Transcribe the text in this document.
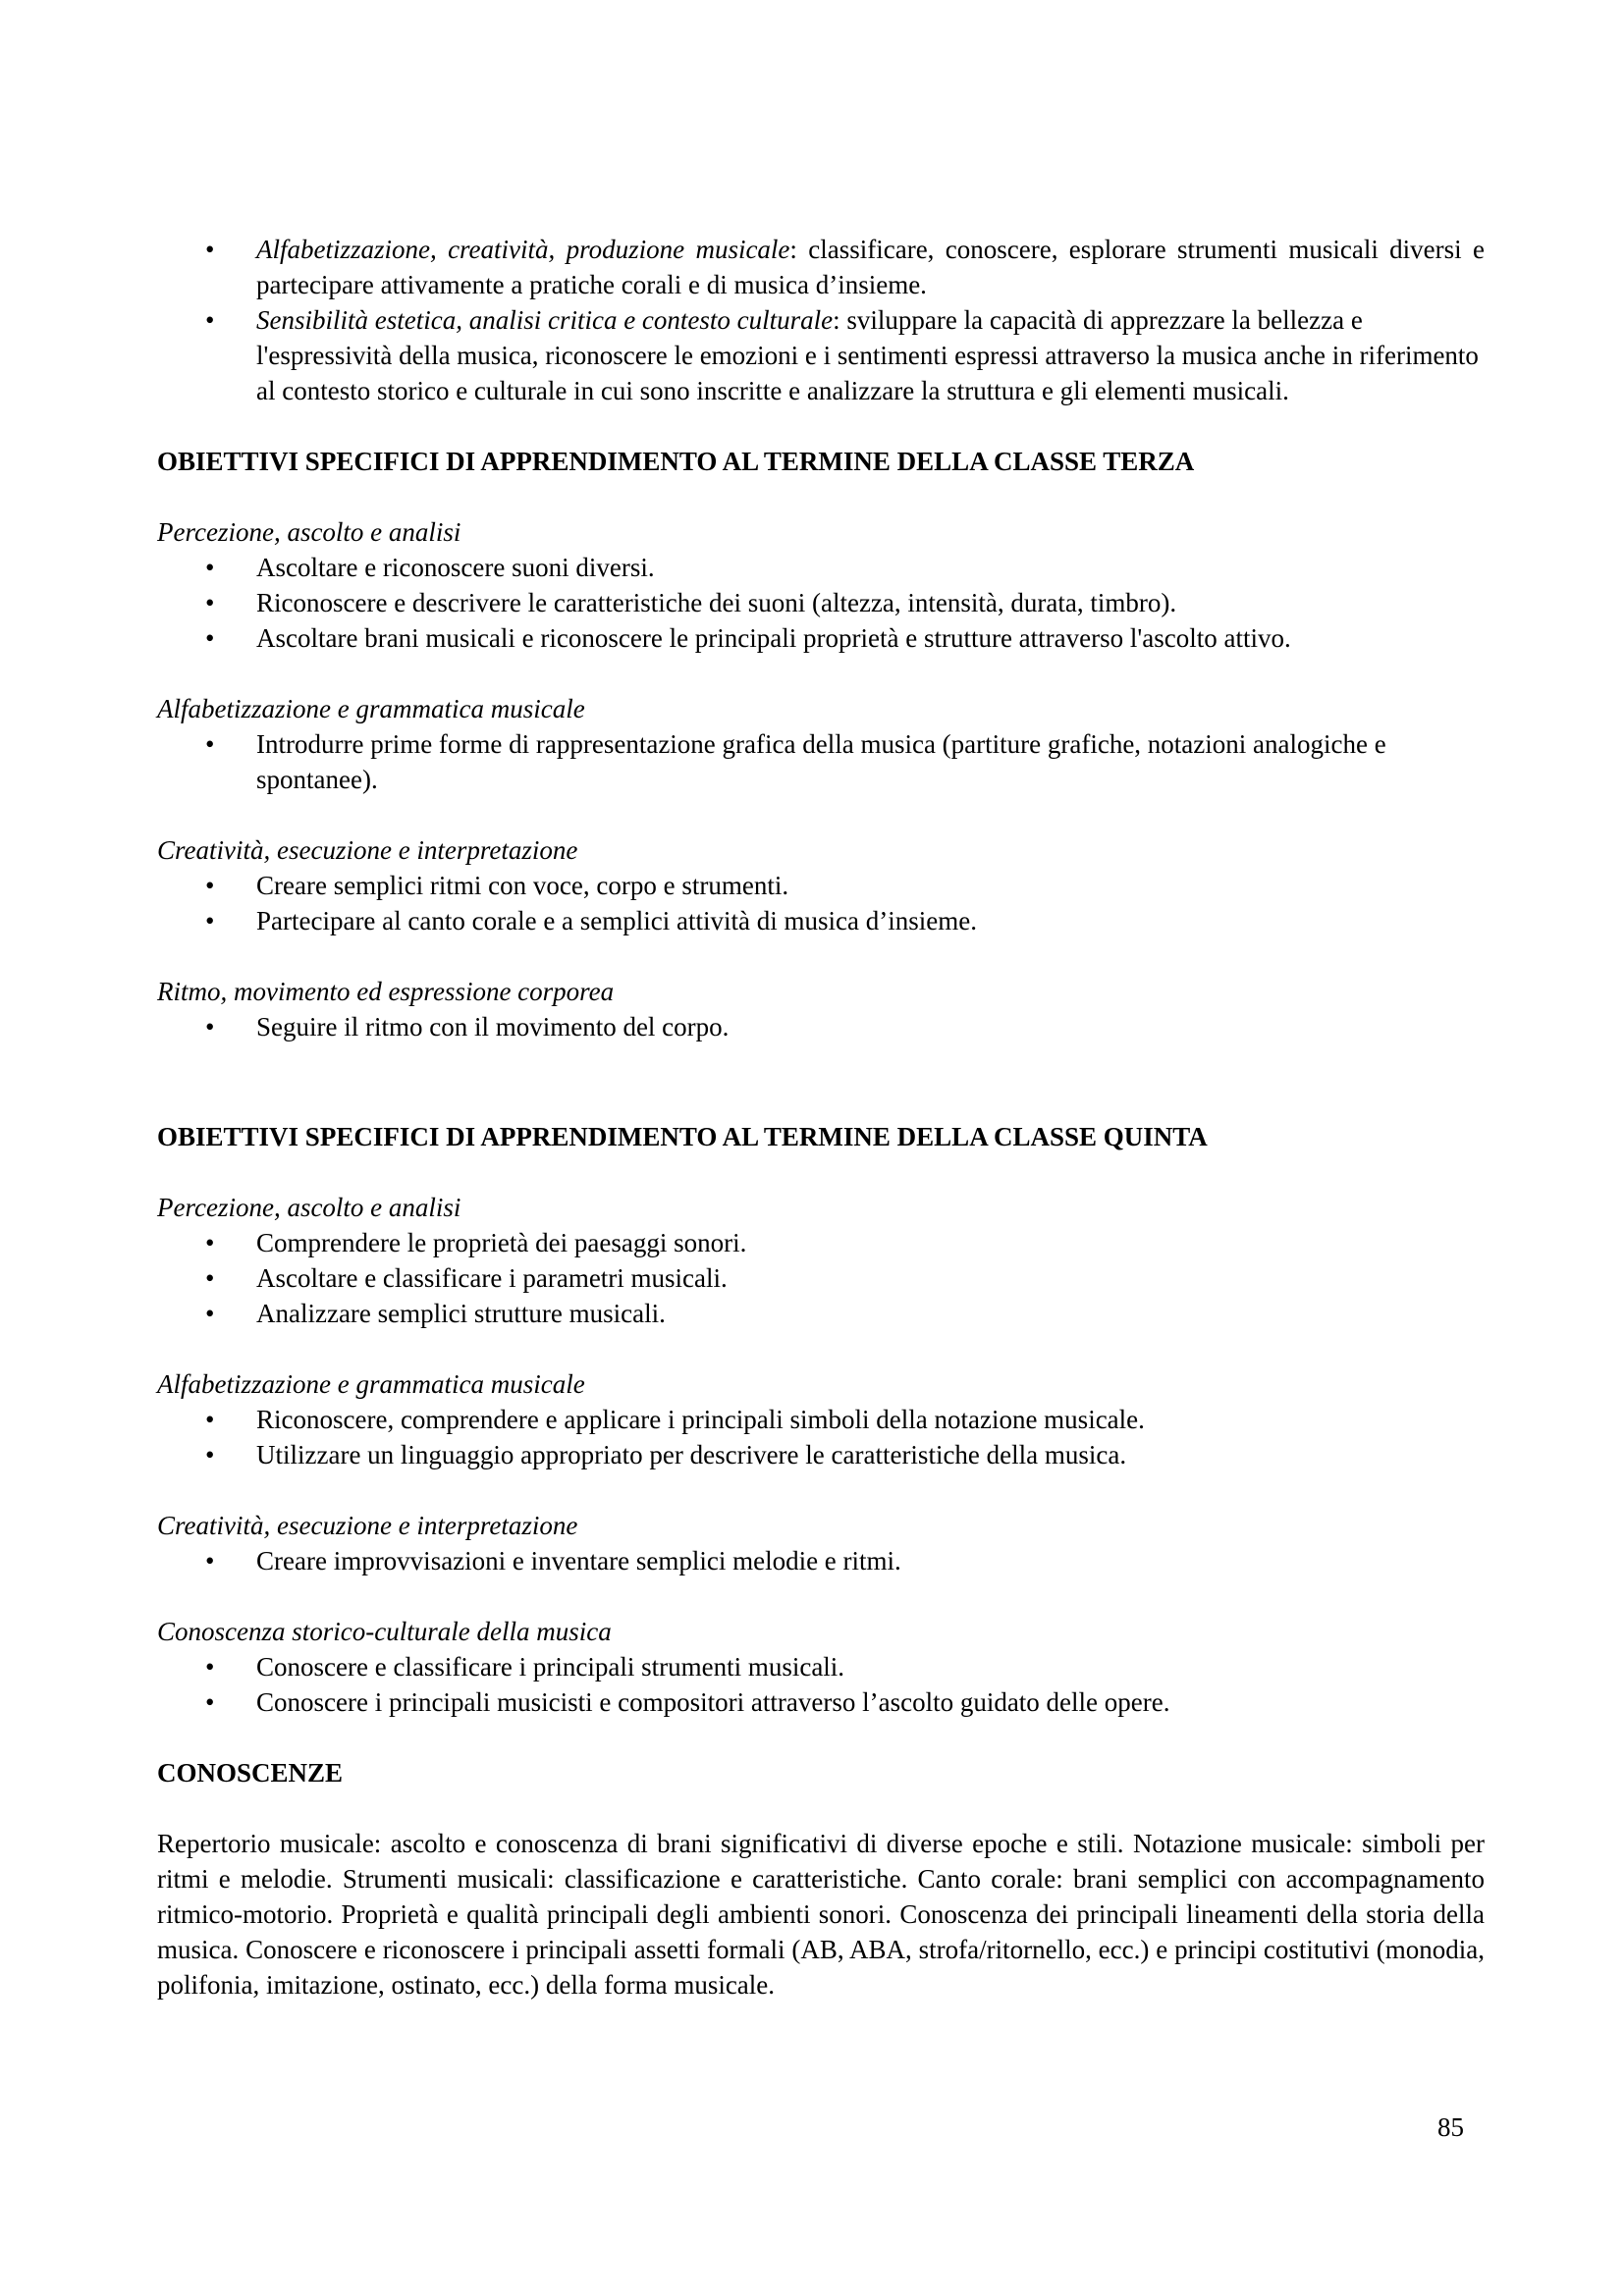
• Alfabetizzazione, creatività, produzione musicale: classificare, conoscere, esplorare strumenti musicali diversi e partecipare attivamente a pratiche corali e di musica d’insieme.
• Sensibilità estetica, analisi critica e contesto culturale: sviluppare la capacità di apprezzare la bellezza e l'espressività della musica, riconoscere le emozioni e i sentimenti espressi attraverso la musica anche in riferimento al contesto storico e culturale in cui sono inscritte e analizzare la struttura e gli elementi musicali.

OBIETTIVI SPECIFICI DI APPRENDIMENTO AL TERMINE DELLA CLASSE TERZA

Percezione, ascolto e analisi

• Ascoltare e riconoscere suoni diversi.
• Riconoscere e descrivere le caratteristiche dei suoni (altezza, intensità, durata, timbro).
• Ascoltare brani musicali e riconoscere le principali proprietà e strutture attraverso l'ascolto attivo.

Alfabetizzazione e grammatica musicale

• Introdurre prime forme di rappresentazione grafica della musica (partiture grafiche, notazioni analogiche e spontanee).

Creatività, esecuzione e interpretazione

• Creare semplici ritmi con voce, corpo e strumenti.
• Partecipare al canto corale e a semplici attività di musica d’insieme.

Ritmo, movimento ed espressione corporea

• Seguire il ritmo con il movimento del corpo.

OBIETTIVI SPECIFICI DI APPRENDIMENTO AL TERMINE DELLA CLASSE QUINTA

Percezione, ascolto e analisi

• Comprendere le proprietà dei paesaggi sonori.
• Ascoltare e classificare i parametri musicali.
• Analizzare semplici strutture musicali.

Alfabetizzazione e grammatica musicale

• Riconoscere, comprendere e applicare i principali simboli della notazione musicale.
• Utilizzare un linguaggio appropriato per descrivere le caratteristiche della musica.

Creatività, esecuzione e interpretazione

• Creare improvvisazioni e inventare semplici melodie e ritmi.

Conoscenza storico-culturale della musica

• Conoscere e classificare i principali strumenti musicali.
• Conoscere i principali musicisti e compositori attraverso l’ascolto guidato delle opere.

CONOSCENZE

Repertorio musicale: ascolto e conoscenza di brani significativi di diverse epoche e stili. Notazione musicale: simboli per ritmi e melodie. Strumenti musicali: classificazione e caratteristiche. Canto corale: brani semplici con accompagnamento ritmico-motorio. Proprietà e qualità principali degli ambienti sonori. Conoscenza dei principali lineamenti della storia della musica. Conoscere e riconoscere i principali assetti formali (AB, ABA, strofa/ritornello, ecc.) e principi costitutivi (monodia, polifonia, imitazione, ostinato, ecc.) della forma musicale.

85
